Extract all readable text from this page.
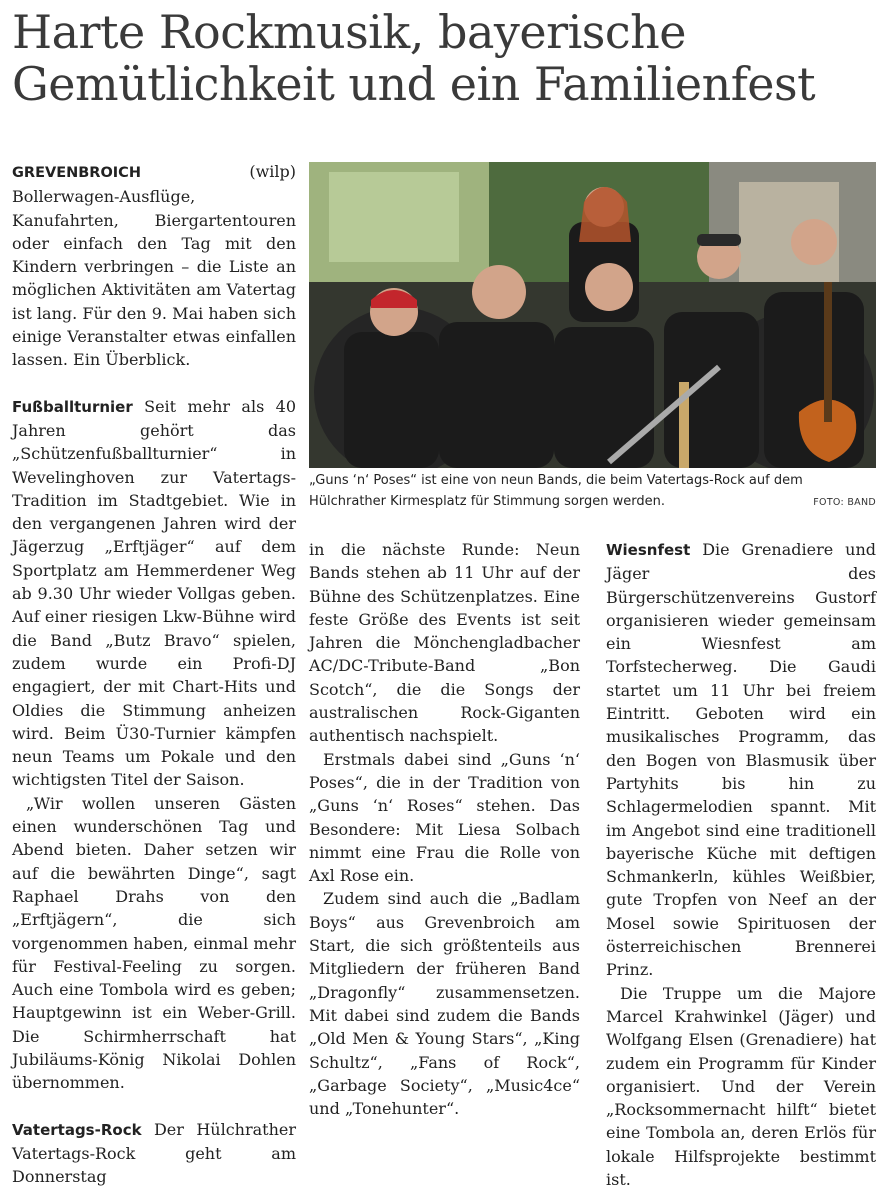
Harte Rockmusik, bayerische
Gemütlichkeit und ein Familienfest
„Guns ‘n‘ Poses“ ist eine von neun Bands, die beim Vatertags-Rock auf dem Hülchrather Kirmesplatz für Stimmung sorgen werden.	FOTO: BAND

GREVENBROICH (wilp) Bollerwagen-Ausflüge, Kanufahrten, Biergartentouren oder einfach den Tag mit den Kindern verbringen – die Liste an möglichen Aktivitäten am Vatertag ist lang. Für den 9. Mai haben sich einige Veranstalter etwas einfallen lassen. Ein Überblick.

Fußballturnier Seit mehr als 40 Jahren gehört das „Schützenfußballturnier“ in Wevelinghoven zur Vatertags-Tradition im Stadtgebiet. Wie in den vergangenen Jahren wird der Jägerzug „Erftjäger“ auf dem Sportplatz am Hemmerdener Weg ab 9.30 Uhr wieder Vollgas geben. Auf einer riesigen Lkw-Bühne wird die Band „Butz Bravo“ spielen, zudem wurde ein Profi-DJ engagiert, der mit Chart-Hits und Oldies die Stimmung anheizen wird. Beim Ü30-Turnier kämpfen neun Teams um Pokale und den wichtigsten Titel der Saison.

„Wir wollen unseren Gästen einen wunderschönen Tag und Abend bieten. Daher setzen wir auf die bewährten Dinge“, sagt Raphael Drahs von den „Erftjägern“, die sich vorgenommen haben, einmal mehr für Festival-Feeling zu sorgen. Auch eine Tombola wird es geben; Hauptgewinn ist ein Weber-Grill. Die Schirmherrschaft hat Jubiläums-König Nikolai Dohlen übernommen.

Vatertags-Rock Der Hülchrather Vatertags-Rock geht am Donnerstag

in die nächste Runde: Neun Bands stehen ab 11 Uhr auf der Bühne des Schützenplatzes. Eine feste Größe des Events ist seit Jahren die Mönchengladbacher AC/DC-Tribute-Band „Bon Scotch“, die die Songs der australischen Rock-Giganten authentisch nachspielt.

Erstmals dabei sind „Guns ‘n‘ Poses“, die in der Tradition von „Guns ‘n‘ Roses“ stehen. Das Besondere: Mit Liesa Solbach nimmt eine Frau die Rolle von Axl Rose ein.

Zudem sind auch die „Badlam Boys“ aus Grevenbroich am Start, die sich größtenteils aus Mitgliedern der früheren Band „Dragonfly“ zusammensetzen. Mit dabei sind zudem die Bands „Old Men & Young Stars“, „King Schultz“, „Fans of Rock“, „Garbage Society“, „Music4ce“ und „Tonehunter“.

Wiesnfest Die Grenadiere und Jäger des Bürgerschützenvereins Gustorf organisieren wieder gemeinsam ein Wiesnfest am Torfstecherweg. Die Gaudi startet um 11 Uhr bei freiem Eintritt. Geboten wird ein musikalisches Programm, das den Bogen von Blasmusik über Partyhits bis hin zu Schlagermelodien spannt. Mit im Angebot sind eine traditionell bayerische Küche mit deftigen Schmankerln, kühles Weißbier, gute Tropfen von Neef an der Mosel sowie Spirituosen der österreichischen Brennerei Prinz.

Die Truppe um die Majore Marcel Krahwinkel (Jäger) und Wolfgang Elsen (Grenadiere) hat zudem ein Programm für Kinder organisiert. Und der Verein „Rocksommernacht hilft“ bietet eine Tombola an, deren Erlös für lokale Hilfsprojekte bestimmt ist.
